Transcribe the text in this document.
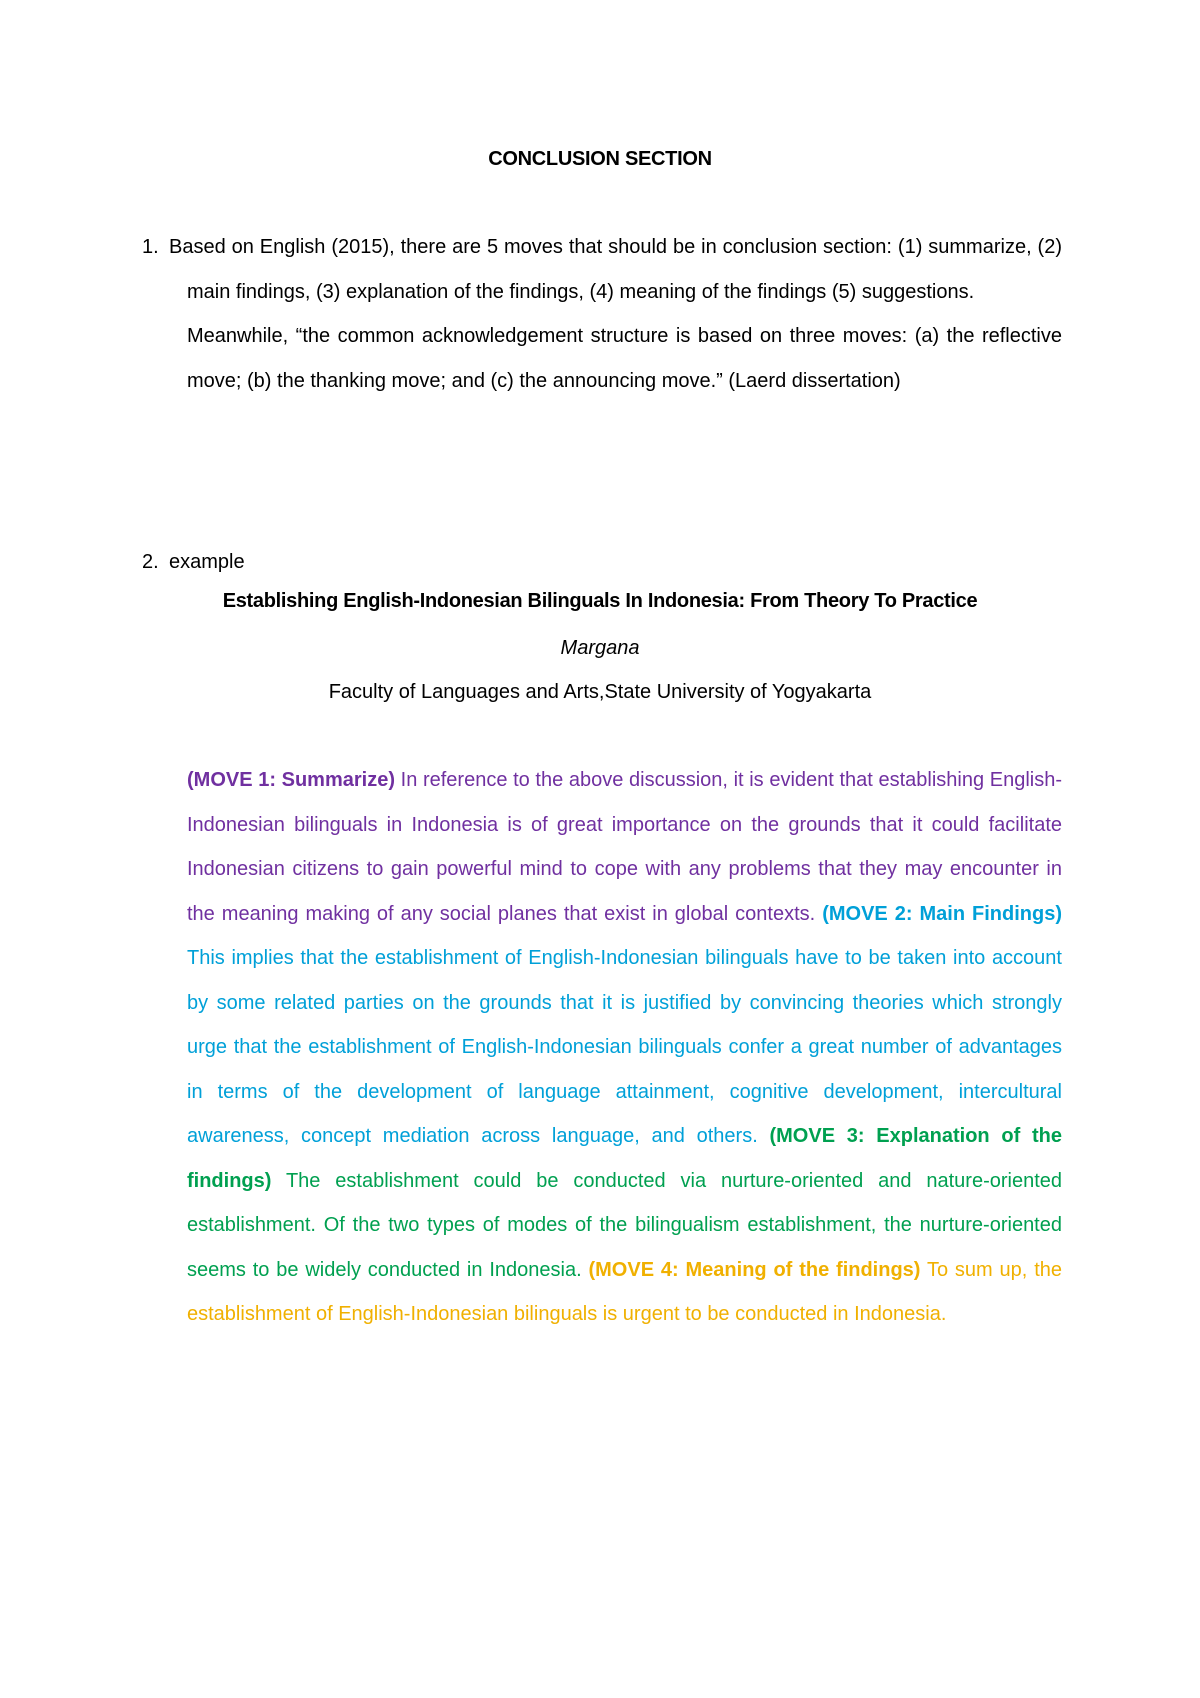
CONCLUSION SECTION
1. Based on English (2015), there are 5 moves that should be in conclusion section: (1) summarize, (2) main findings, (3) explanation of the findings, (4) meaning of the findings (5) suggestions.
Meanwhile, “the common acknowledgement structure is based on three moves: (a) the reflective move; (b) the thanking move; and (c) the announcing move.” (Laerd dissertation)
2. example
Establishing English-Indonesian Bilinguals In Indonesia: From Theory To Practice
Margana
Faculty of Languages and Arts,State University of Yogyakarta
(MOVE 1: Summarize) In reference to the above discussion, it is evident that establishing English- Indonesian bilinguals in Indonesia is of great importance on the grounds that it could facilitate Indonesian citizens to gain powerful mind to cope with any problems that they may encounter in the meaning making of any social planes that exist in global contexts. (MOVE 2: Main Findings) This implies that the establishment of English-Indonesian bilinguals have to be taken into account by some related parties on the grounds that it is justified by convincing theories which strongly urge that the establishment of English-Indonesian bilinguals confer a great number of advantages in terms of the development of language attainment, cognitive development, intercultural awareness, concept mediation across language, and others. (MOVE 3: Explanation of the findings) The establishment could be conducted via nurture-oriented and nature-oriented establishment. Of the two types of modes of the bilingualism establishment, the nurture-oriented seems to be widely conducted in Indonesia. (MOVE 4: Meaning of the findings) To sum up, the establishment of English-Indonesian bilinguals is urgent to be conducted in Indonesia.
